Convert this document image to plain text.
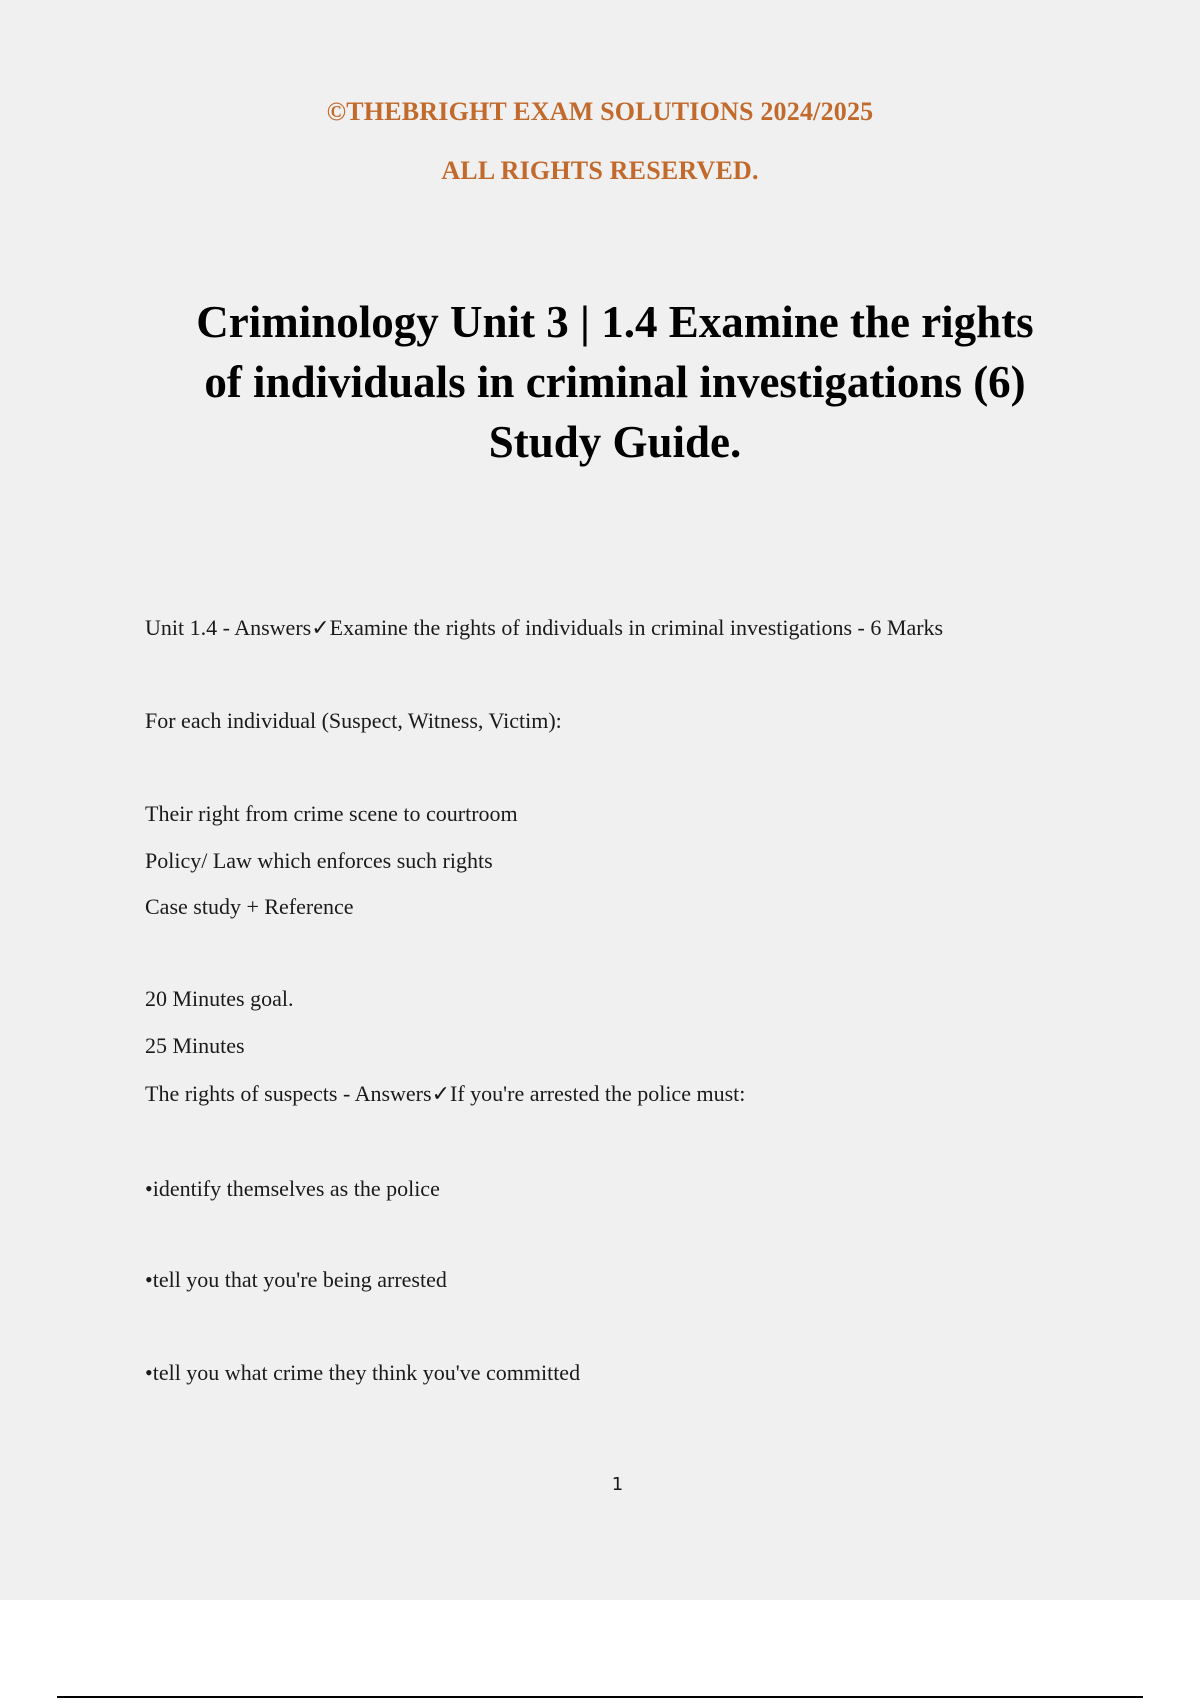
©THEBRIGHT EXAM SOLUTIONS 2024/2025
ALL RIGHTS RESERVED.
Criminology Unit 3 | 1.4 Examine the rights
of individuals in criminal investigations (6)
Study Guide.
Unit 1.4 - Answers✓Examine the rights of individuals in criminal investigations - 6 Marks
For each individual (Suspect, Witness, Victim):
Their right from crime scene to courtroom
Policy/ Law which enforces such rights
Case study + Reference
20 Minutes goal.
25 Minutes
The rights of suspects - Answers✓If you're arrested the police must:
•identify themselves as the police
•tell you that you're being arrested
•tell you what crime they think you've committed
1
